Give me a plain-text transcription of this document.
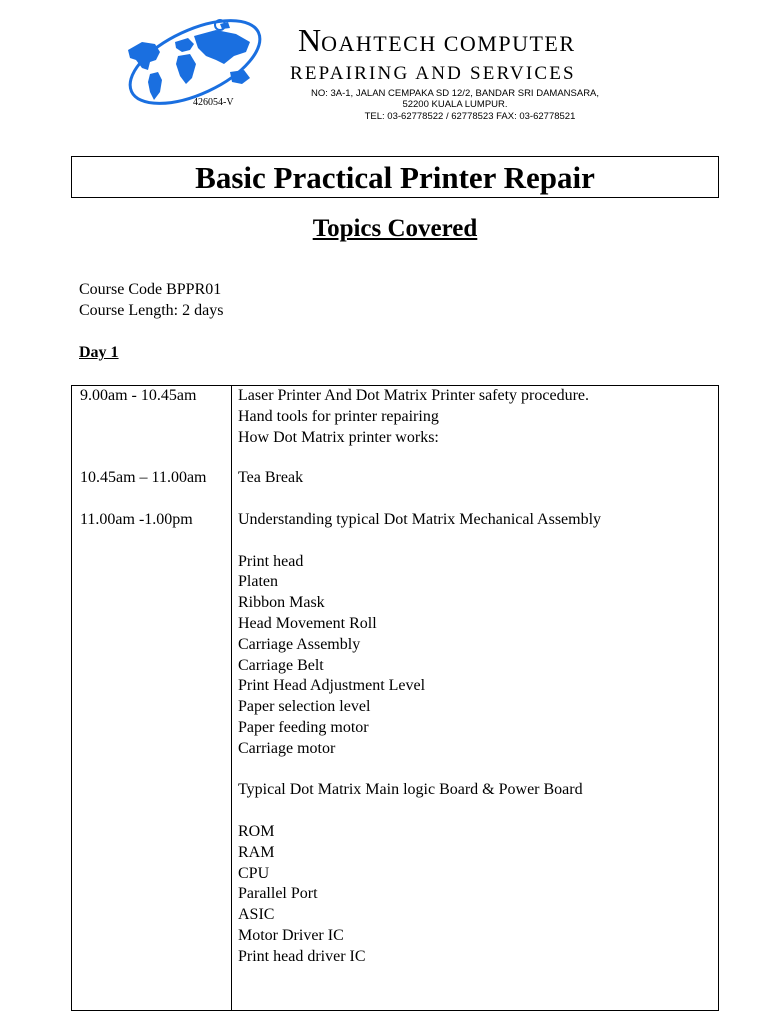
426054-V
NOAHTECH COMPUTER
REPAIRING AND SERVICES
NO: 3A-1, JALAN CEMPAKA SD 12/2, BANDAR SRI DAMANSARA,
52200 KUALA LUMPUR.
TEL: 03-62778522 / 62778523 FAX: 03-62778521
Basic Practical Printer Repair
Topics Covered
Course Code BPPR01
Course Length: 2 days
Day 1
9.00am - 10.45am	Laser Printer And Dot Matrix Printer safety procedure.
Hand tools for printer repairing
How Dot Matrix printer works:
10.45am – 11.00am Tea Break
11.00am -1.00pm	Understanding typical Dot Matrix Mechanical Assembly
Print head
Platen
Ribbon Mask
Head Movement Roll
Carriage Assembly
Carriage Belt
Print Head Adjustment Level
Paper selection level
Paper feeding motor
Carriage motor
Typical Dot Matrix Main logic Board & Power Board
ROM
RAM
CPU
Parallel Port
ASIC
Motor Driver IC
Print head driver IC
